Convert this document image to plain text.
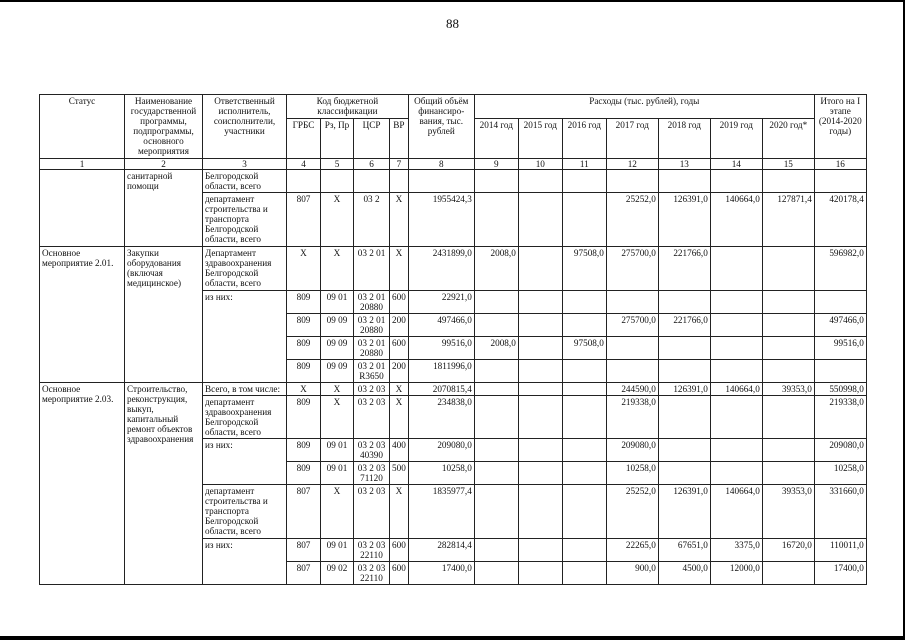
88
Статус	Наименование государственной программы, подпрограммы, основного мероприятия	Ответственный исполнитель, соисполнители, участники	Код бюджетной классификации				Общий объём финансиро-вания, тыс. рублей	Расходы (тыс. рублей), годы							Итого на I этапе (2014-2020 годы)
			ГРБС	Рз, Пр	ЦСР	ВР		2014 год	2015 год	2016 год	2017 год	2018 год	2019 год	2020 год*	
1	2	3	4	5	6	7	8	9	10	11	12	13	14	15	16
	санитарной помощи	Белгородской области, всего													
		департамент строительства и транспорта Белгородской области, всего	807	X	03 2	X	1955424,3				25252,0	126391,0	140664,0	127871,4	420178,4
Основное мероприятие 2.01.	Закупки оборудования (включая медицинское)	Департамент здравоохранения Белгородской области, всего	X	X	03 2 01	X	2431899,0	2008,0		97508,0	275700,0	221766,0			596982,0
		из них:	809	09 01	03 2 01 20880	600	22921,0								
			809	09 09	03 2 01 20880	200	497466,0				275700,0	221766,0			497466,0
			809	09 09	03 2 01 20880	600	99516,0	2008,0		97508,0					99516,0
			809	09 09	03 2 01 R3650	200	1811996,0								
Основное мероприятие 2.03.	Строительство, реконструкция, выкуп, капитальный ремонт объектов здравоохранения	Всего, в том числе:	X	X	03 2 03	X	2070815,4				244590,0	126391,0	140664,0	39353,0	550998,0
		департамент здравоохранения Белгородской области, всего	809	X	03 2 03	X	234838,0				219338,0				219338,0
		из них:	809	09 01	03 2 03 40390	400	209080,0				209080,0				209080,0
			809	09 01	03 2 03 71120	500	10258,0				10258,0				10258,0
		департамент строительства и транспорта Белгородской области, всего	807	X	03 2 03	X	1835977,4				25252,0	126391,0	140664,0	39353,0	331660,0
		из них:	807	09 01	03 2 03 22110	600	282814,4				22265,0	67651,0	3375,0	16720,0	110011,0
			807	09 02	03 2 03 22110	600	17400,0				900,0	4500,0	12000,0		17400,0
